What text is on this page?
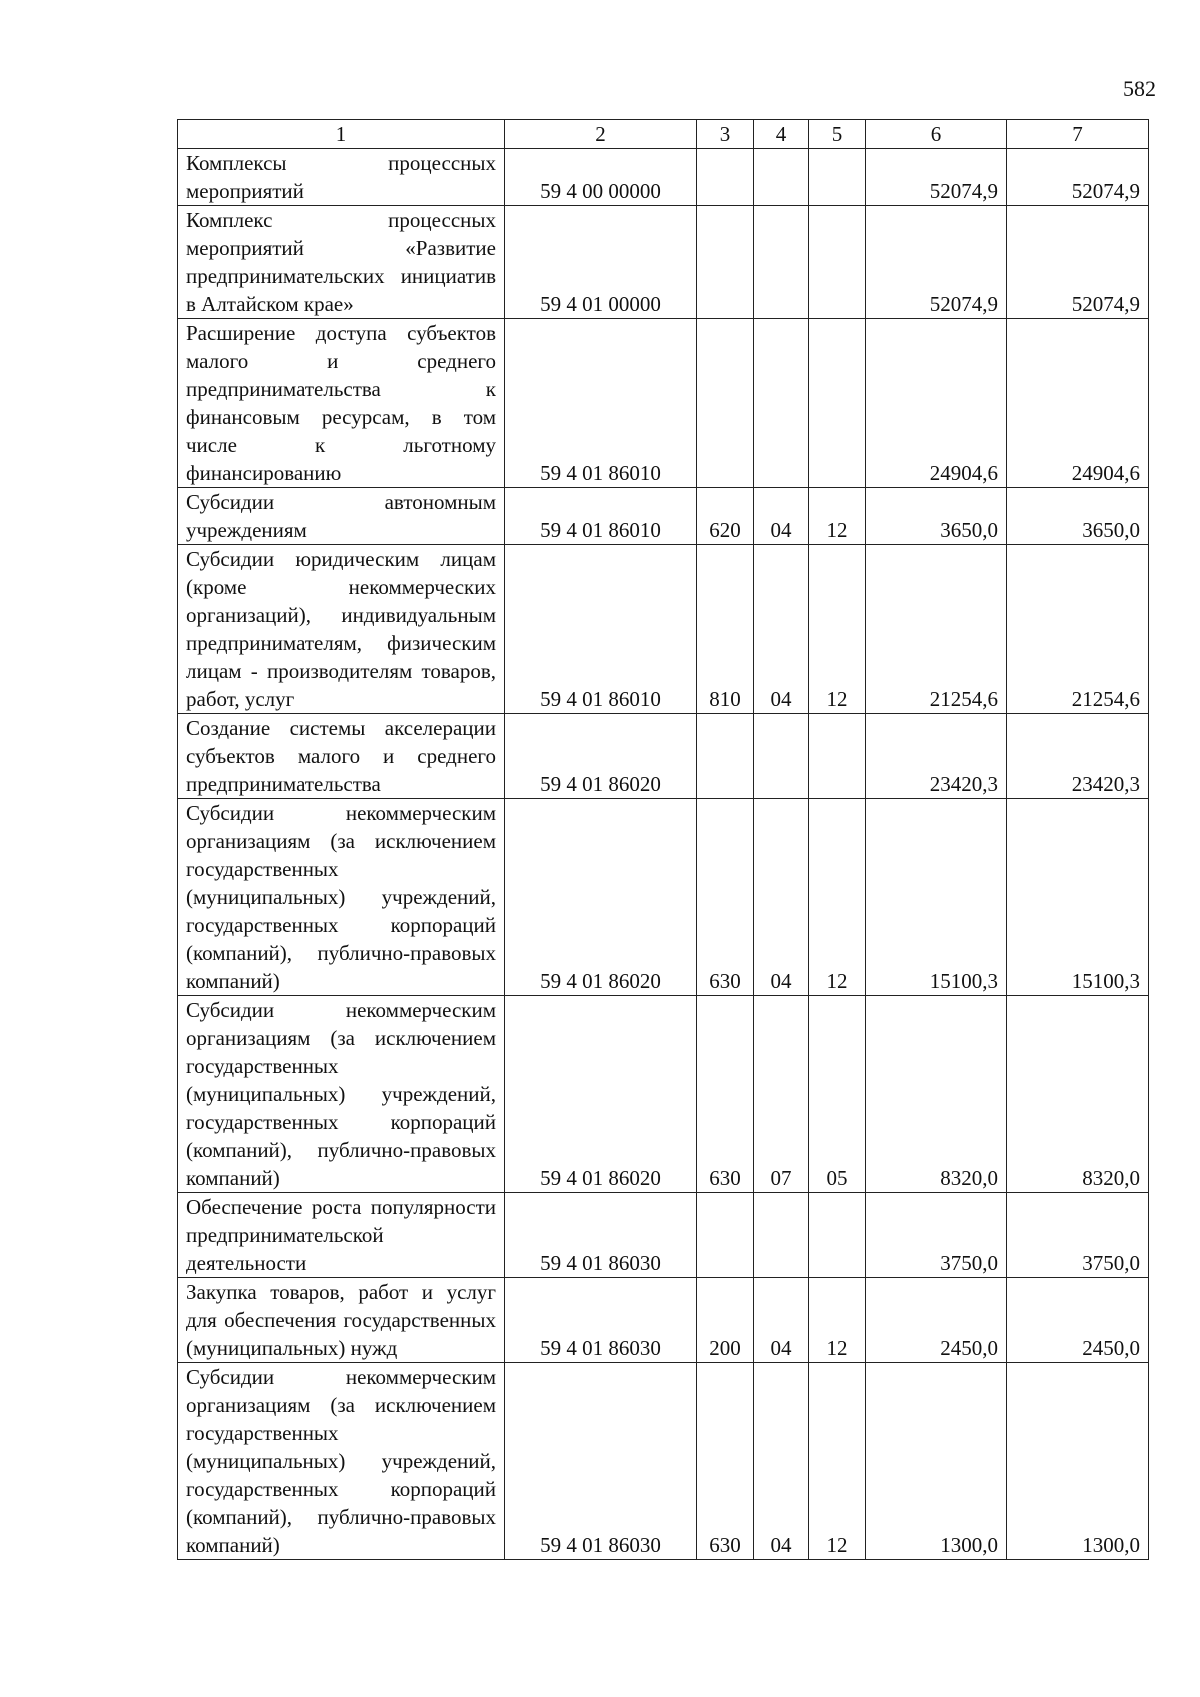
582
1	2	3	4	5	6	7
Комплексы процессных мероприятий	59 4 00 00000				52074,9	52074,9
Комплекс процессных мероприятий «Развитие предпринимательских инициатив в Алтайском крае»	59 4 01 00000				52074,9	52074,9
Расширение доступа субъектов малого и среднего предпринимательства к финансовым ресурсам, в том числе к льготному финансированию	59 4 01 86010				24904,6	24904,6
Субсидии автономным учреждениям	59 4 01 86010	620	04	12	3650,0	3650,0
Субсидии юридическим лицам (кроме некоммерческих организаций), индивидуальным предпринимателям, физическим лицам - производителям товаров, работ, услуг	59 4 01 86010	810	04	12	21254,6	21254,6
Создание системы акселерации субъектов малого и среднего предпринимательства	59 4 01 86020				23420,3	23420,3
Субсидии некоммерческим организациям (за исключением государственных (муниципальных) учреждений, государственных корпораций (компаний), публично-правовых компаний)	59 4 01 86020	630	04	12	15100,3	15100,3
Субсидии некоммерческим организациям (за исключением государственных (муниципальных) учреждений, государственных корпораций (компаний), публично-правовых компаний)	59 4 01 86020	630	07	05	8320,0	8320,0
Обеспечение роста популярности предпринимательской деятельности	59 4 01 86030				3750,0	3750,0
Закупка товаров, работ и услуг для обеспечения государственных (муниципальных) нужд	59 4 01 86030	200	04	12	2450,0	2450,0
Субсидии некоммерческим организациям (за исключением государственных (муниципальных) учреждений, государственных корпораций (компаний), публично-правовых компаний)	59 4 01 86030	630	04	12	1300,0	1300,0
